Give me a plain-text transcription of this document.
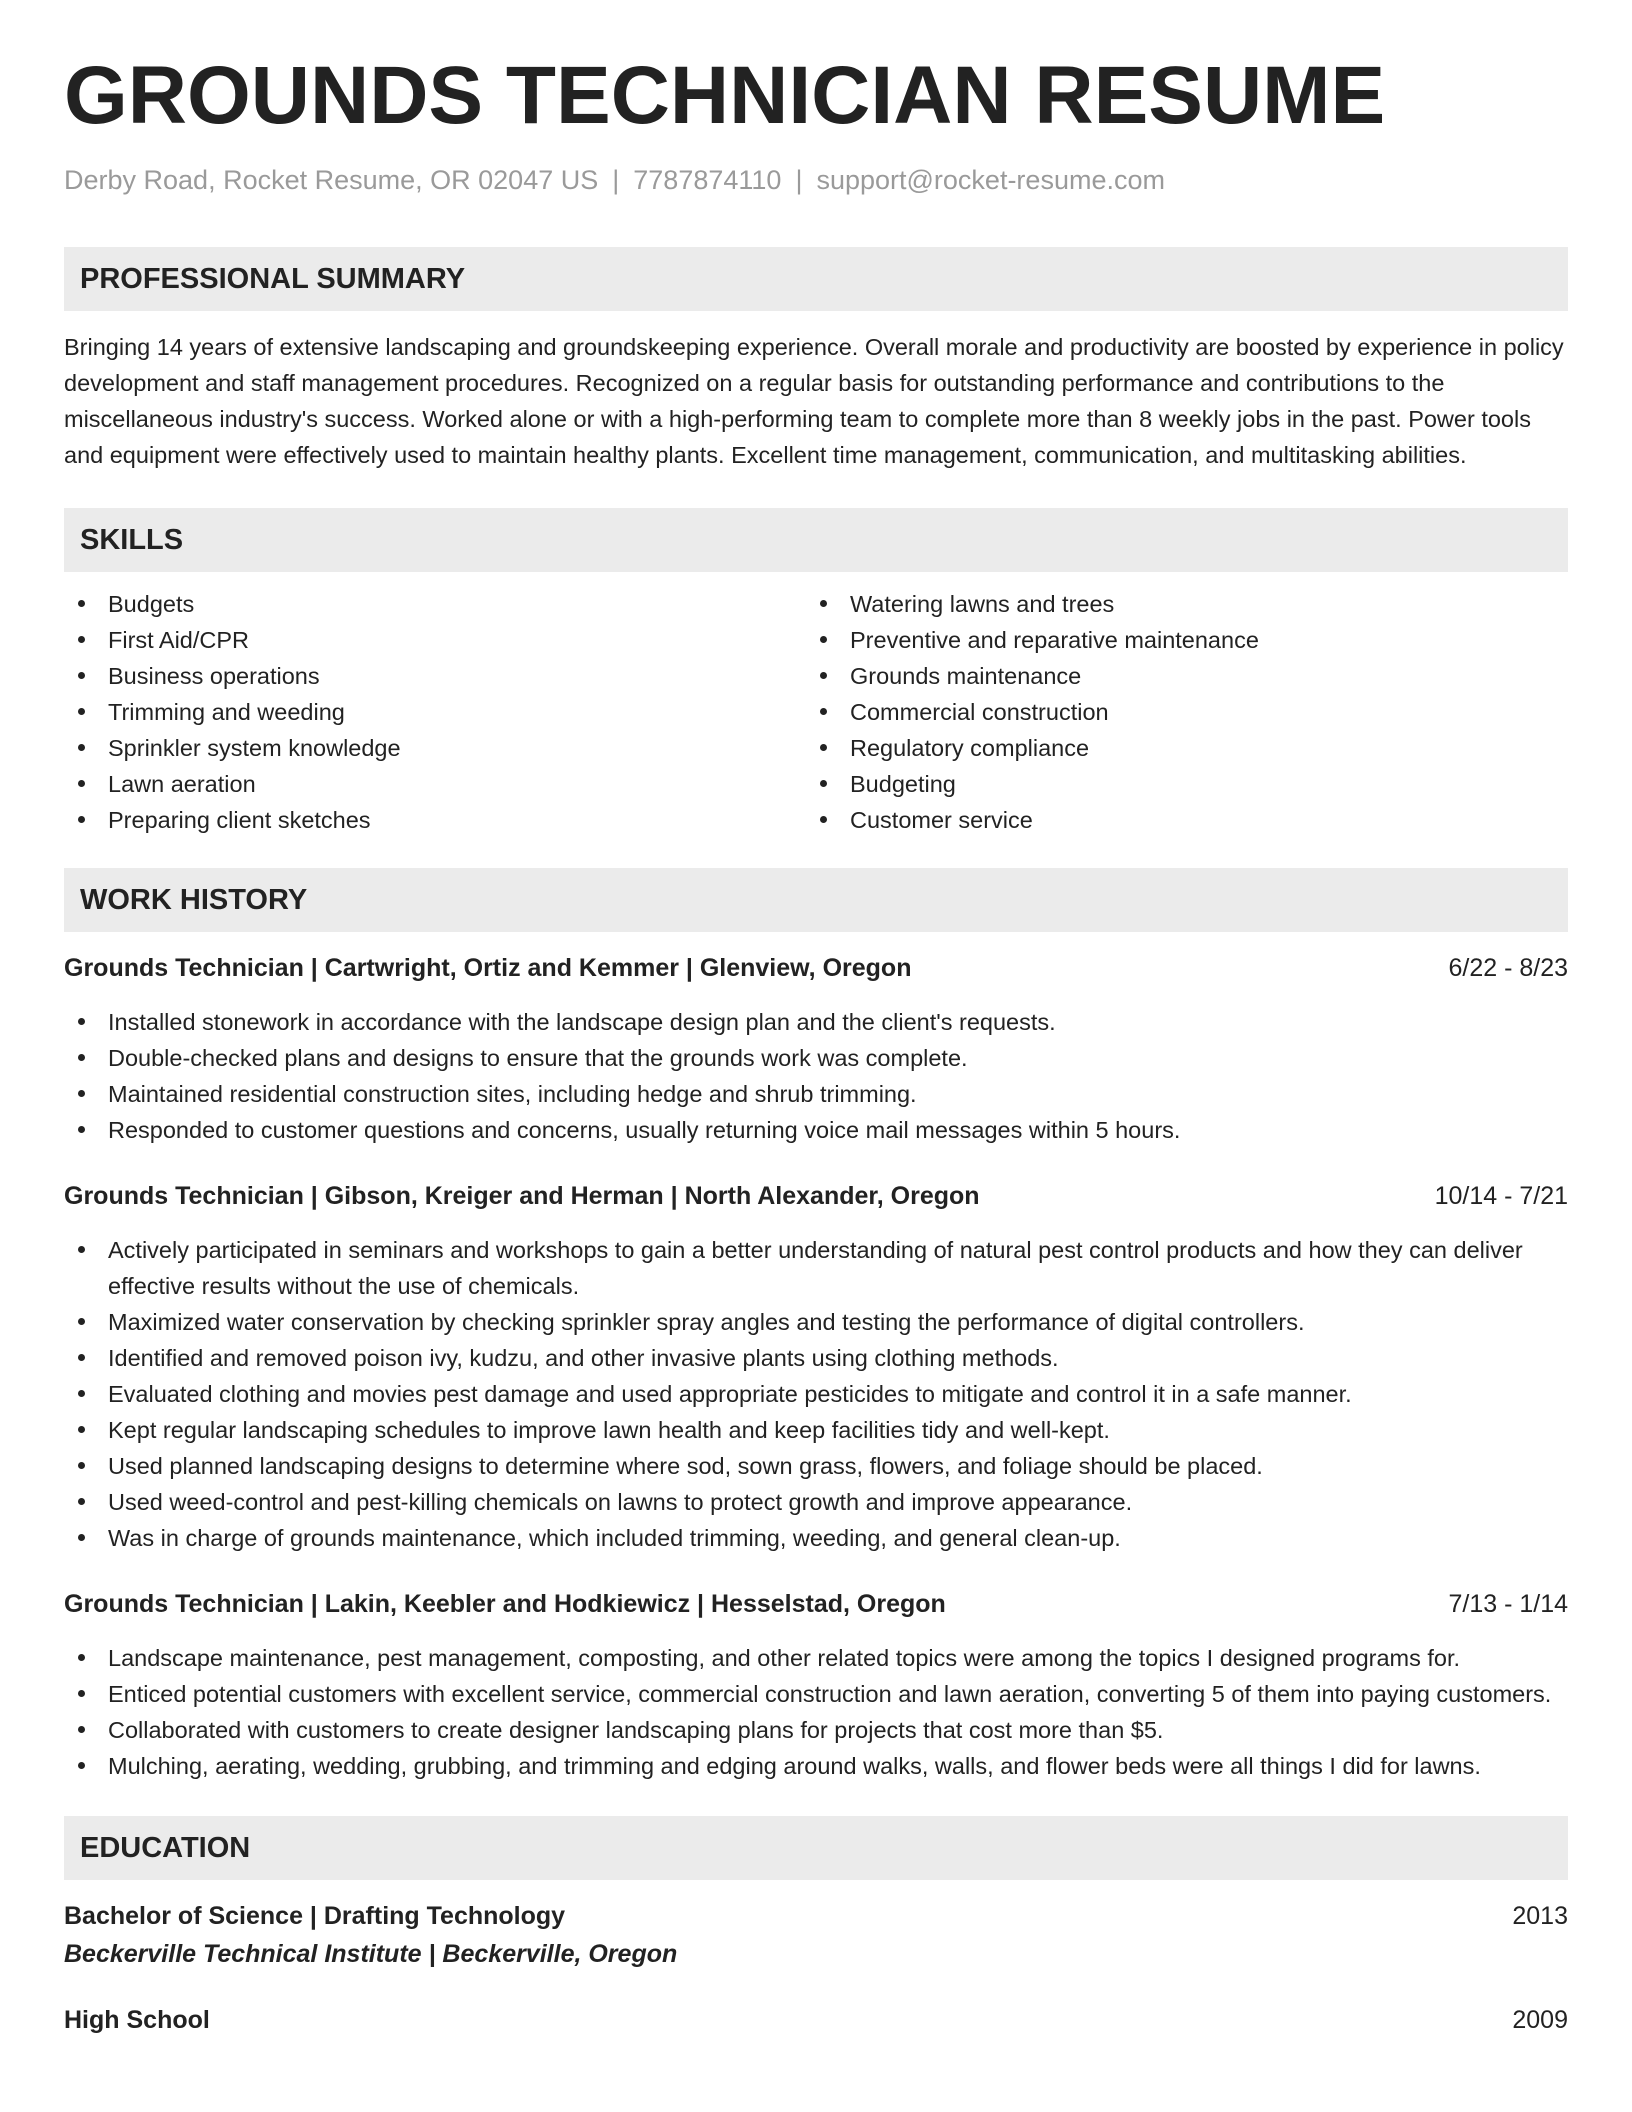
GROUNDS TECHNICIAN RESUME
Derby Road, Rocket Resume, OR 02047 US | 7787874110 | support@rocket-resume.com
PROFESSIONAL SUMMARY

Bringing 14 years of extensive landscaping and groundskeeping experience. Overall morale and productivity are boosted by experience in policy development and staff management procedures. Recognized on a regular basis for outstanding performance and contributions to the miscellaneous industry's success. Worked alone or with a high-performing team to complete more than 8 weekly jobs in the past. Power tools and equipment were effectively used to maintain healthy plants. Excellent time management, communication, and multitasking abilities.

SKILLS
Budgets
First Aid/CPR
Business operations
Trimming and weeding
Sprinkler system knowledge
Lawn aeration
Preparing client sketches
Watering lawns and trees
Preventive and reparative maintenance
Grounds maintenance
Commercial construction
Regulatory compliance
Budgeting
Customer service
WORK HISTORY
Grounds Technician | Cartwright, Ortiz and Kemmer | Glenview, Oregon	6/22 - 8/23
Installed stonework in accordance with the landscape design plan and the client's requests.
Double-checked plans and designs to ensure that the grounds work was complete.
Maintained residential construction sites, including hedge and shrub trimming.
Responded to customer questions and concerns, usually returning voice mail messages within 5 hours.
Grounds Technician | Gibson, Kreiger and Herman | North Alexander, Oregon	10/14 - 7/21
Actively participated in seminars and workshops to gain a better understanding of natural pest control products and how they can deliver effective results without the use of chemicals.
Maximized water conservation by checking sprinkler spray angles and testing the performance of digital controllers.
Identified and removed poison ivy, kudzu, and other invasive plants using clothing methods.
Evaluated clothing and movies pest damage and used appropriate pesticides to mitigate and control it in a safe manner.
Kept regular landscaping schedules to improve lawn health and keep facilities tidy and well-kept.
Used planned landscaping designs to determine where sod, sown grass, flowers, and foliage should be placed.
Used weed-control and pest-killing chemicals on lawns to protect growth and improve appearance.
Was in charge of grounds maintenance, which included trimming, weeding, and general clean-up.
Grounds Technician | Lakin, Keebler and Hodkiewicz | Hesselstad, Oregon	7/13 - 1/14
Landscape maintenance, pest management, composting, and other related topics were among the topics I designed programs for.
Enticed potential customers with excellent service, commercial construction and lawn aeration, converting 5 of them into paying customers.
Collaborated with customers to create designer landscaping plans for projects that cost more than $5.
Mulching, aerating, wedding, grubbing, and trimming and edging around walks, walls, and flower beds were all things I did for lawns.
EDUCATION
Bachelor of Science | Drafting Technology	2013
Beckerville Technical Institute | Beckerville, Oregon
High School	2009
